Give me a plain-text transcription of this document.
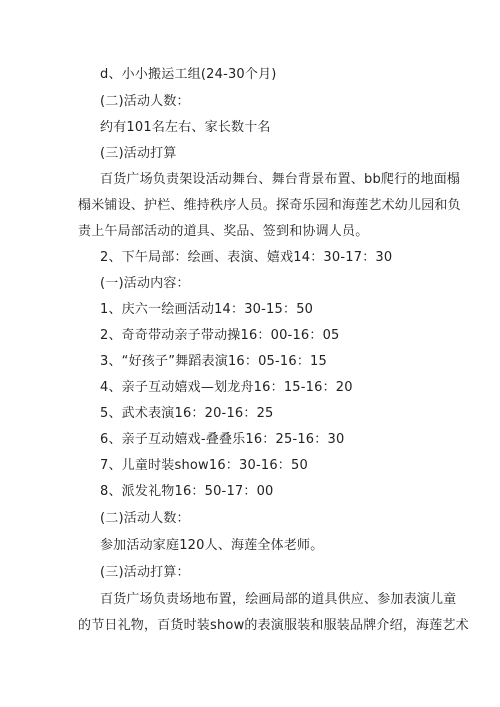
d、小小搬运工组(24-30个月)
(二)活动人数：
约有101名左右、家长数十名
(三)活动打算
百货广场负责架设活动舞台、舞台背景布置、bb爬行的地面榻
榻米铺设、护栏、维持秩序人员。探奇乐园和海莲艺术幼儿园和负
责上午局部活动的道具、奖品、签到和协调人员。
2、下午局部：绘画、表演、嬉戏14：30-17：30
(一)活动内容：
1、庆六一绘画活动14：30-15：50
2、奇奇带动亲子带动操16：00-16：05
3、“好孩子”舞蹈表演16：05-16：15
4、亲子互动嬉戏—划龙舟16：15-16：20
5、武术表演16：20-16：25
6、亲子互动嬉戏-叠叠乐16：25-16：30
7、儿童时装show16：30-16：50
8、派发礼物16：50-17：00
(二)活动人数：
参加活动家庭120人、海莲全体老师。
(三)活动打算：
百货广场负责场地布置，绘画局部的道具供应、参加表演儿童
的节日礼物，百货时装show的表演服装和服装品牌介绍，海莲艺术
